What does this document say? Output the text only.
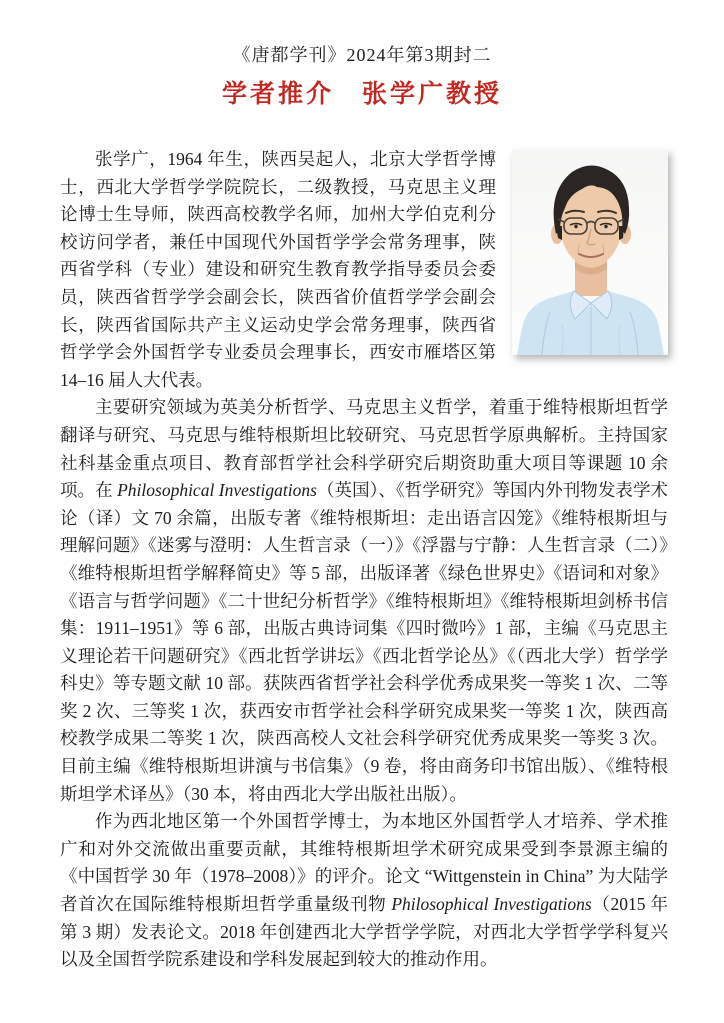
《唐都学刊》2024年第3期封二
学者推介　张学广教授

张学广，1964 年生，陕西吴起人，北京大学哲学博士，西北大学哲学学院院长，二级教授，马克思主义理论博士生导师，陕西高校教学名师，加州大学伯克利分校访问学者，兼任中国现代外国哲学学会常务理事，陕西省学科（专业）建设和研究生教育教学指导委员会委员，陕西省哲学学会副会长，陕西省价值哲学学会副会长，陕西省国际共产主义运动史学会常务理事，陕西省哲学学会外国哲学专业委员会理事长，西安市雁塔区第 14–16 届人大代表。

主要研究领域为英美分析哲学、马克思主义哲学，着重于维特根斯坦哲学翻译与研究、马克思与维特根斯坦比较研究、马克思哲学原典解析。主持国家社科基金重点项目、教育部哲学社会科学研究后期资助重大项目等课题 10 余项。在 Philosophical Investigations（英国）、《哲学研究》等国内外刊物发表学术论（译）文 70 余篇，出版专著《维特根斯坦：走出语言囚笼》《维特根斯坦与理解问题》《迷雾与澄明：人生哲言录（一）》《浮嚣与宁静：人生哲言录（二）》《维特根斯坦哲学解释简史》等 5 部，出版译著《绿色世界史》《语词和对象》《语言与哲学问题》《二十世纪分析哲学》《维特根斯坦》《维特根斯坦剑桥书信集：1911–1951》等 6 部，出版古典诗词集《四时微吟》1 部，主编《马克思主义理论若干问题研究》《西北哲学讲坛》《西北哲学论丛》《（西北大学）哲学学科史》等专题文献 10 部。获陕西省哲学社会科学优秀成果奖一等奖 1 次、二等奖 2 次、三等奖 1 次，获西安市哲学社会科学研究成果奖一等奖 1 次，陕西高校教学成果二等奖 1 次，陕西高校人文社会科学研究优秀成果奖一等奖 3 次。目前主编《维特根斯坦讲演与书信集》（9 卷，将由商务印书馆出版）、《维特根斯坦学术译丛》（30 本，将由西北大学出版社出版）。

作为西北地区第一个外国哲学博士，为本地区外国哲学人才培养、学术推广和对外交流做出重要贡献，其维特根斯坦学术研究成果受到李景源主编的《中国哲学 30 年（1978–2008）》的评介。论文 “Wittgenstein in China” 为大陆学者首次在国际维特根斯坦哲学重量级刊物 Philosophical Investigations（2015 年第 3 期）发表论文。2018 年创建西北大学哲学学院，对西北大学哲学学科复兴以及全国哲学院系建设和学科发展起到较大的推动作用。
